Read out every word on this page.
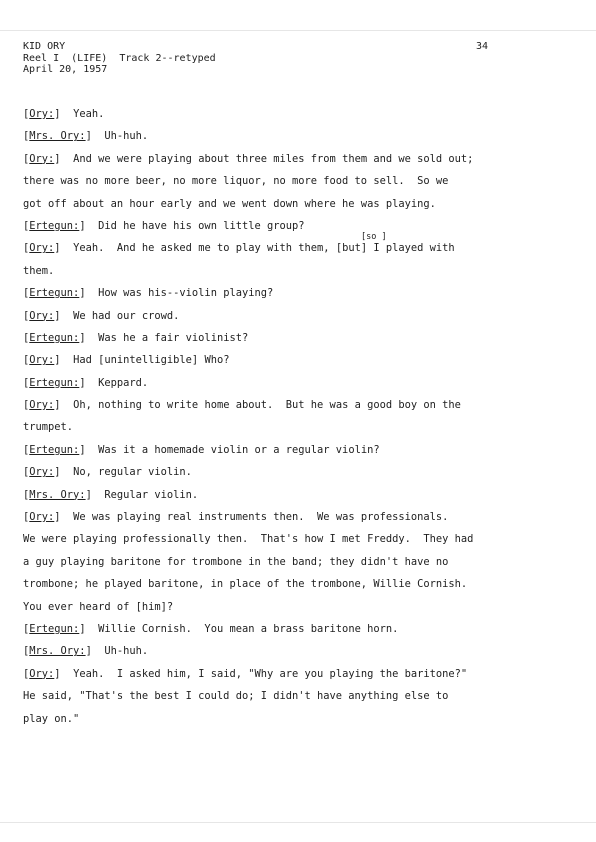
KID ORY
Reel I  (LIFE)  Track 2--retyped
April 20, 1957
34
[Ory:]  Yeah.
[Mrs. Ory:]  Uh-huh.
[Ory:]  And we were playing about three miles from them and we sold out;
there was no more beer, no more liquor, no more food to sell.  So we
got off about an hour early and we went down where he was playing.
[Ertegun:]  Did he have his own little group?
[Ory:]  Yeah.  And he asked me to play with them, [but] I played with
[so ]
them.
[Ertegun:]  How was his--violin playing?
[Ory:]  We had our crowd.
[Ertegun:]  Was he a fair violinist?
[Ory:]  Had [unintelligible] Who?
[Ertegun:]  Keppard.
[Ory:]  Oh, nothing to write home about.  But he was a good boy on the
trumpet.
[Ertegun:]  Was it a homemade violin or a regular violin?
[Ory:]  No, regular violin.
[Mrs. Ory:]  Regular violin.
[Ory:]  We was playing real instruments then.  We was professionals.
We were playing professionally then.  That's how I met Freddy.  They had
a guy playing baritone for trombone in the band; they didn't have no
trombone; he played baritone, in place of the trombone, Willie Cornish.
You ever heard of [him]?
[Ertegun:]  Willie Cornish.  You mean a brass baritone horn.
[Mrs. Ory:]  Uh-huh.
[Ory:]  Yeah.  I asked him, I said, "Why are you playing the baritone?"
He said, "That's the best I could do; I didn't have anything else to
play on."
